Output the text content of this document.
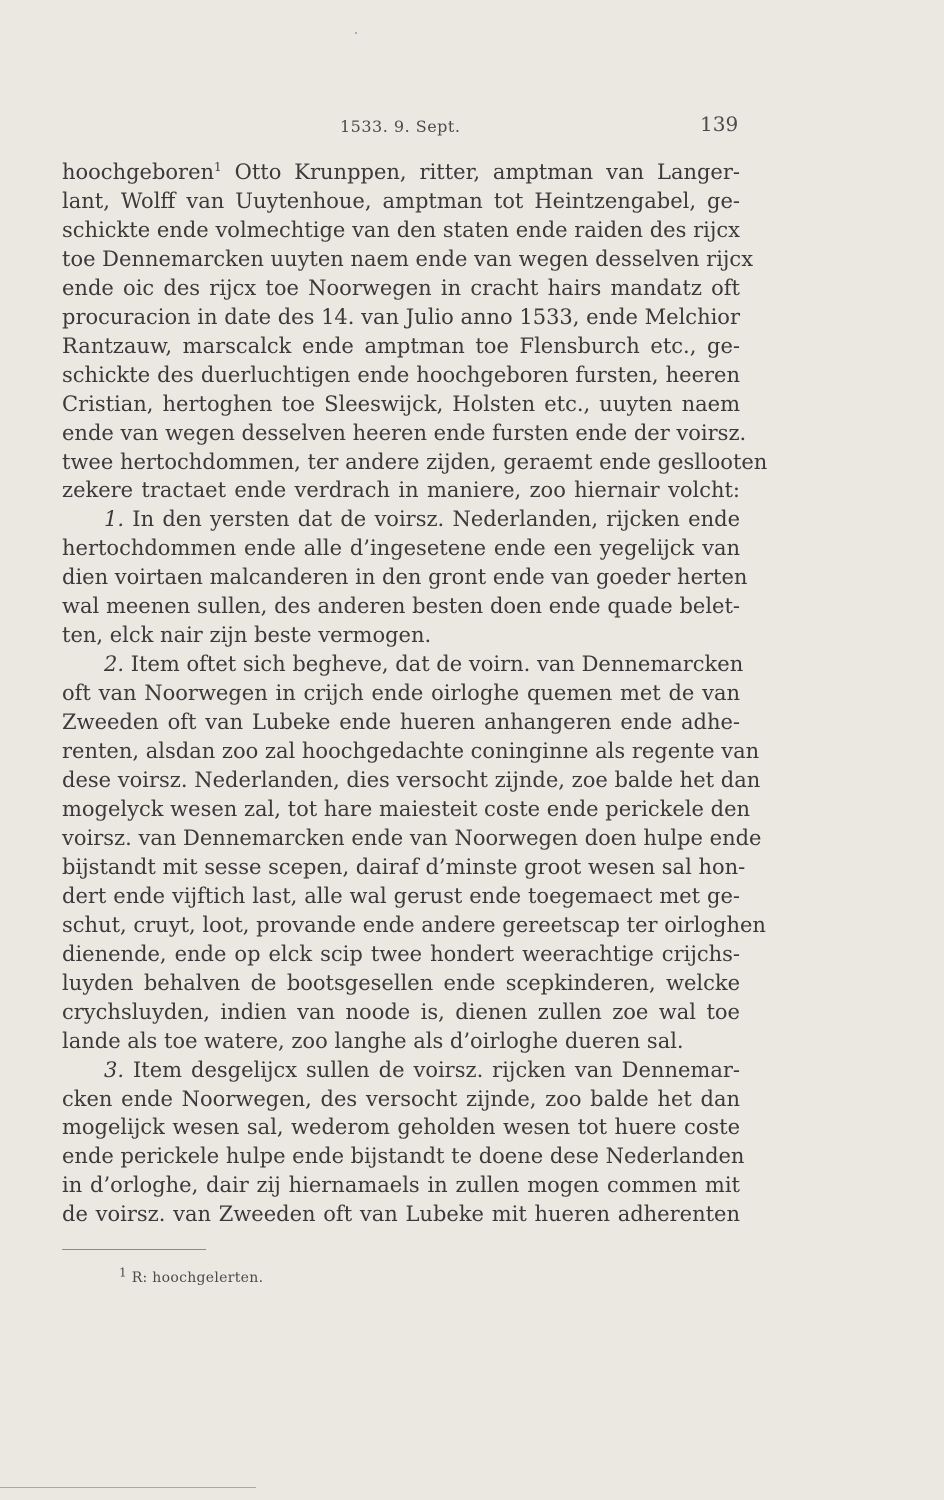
1533. 9. Sept.	139
hoochgeboren$^1$ Otto Krunppen, ritter, amptman van Langer-
lant, Wolff van Uuytenhoue, amptman tot Heintzengabel, ge-
schickte ende volmechtige van den staten ende raiden des rijcx
toe Dennemarcken uuyten naem ende van wegen desselven rijcx
ende oic des rijcx toe Noorwegen in cracht hairs mandatz oft
procuracion in date des 14. van Julio anno 1533, ende Melchior
Rantzauw, marscalck ende amptman toe Flensburch etc., ge-
schickte des duerluchtigen ende hoochgeboren fursten, heeren
Cristian, hertoghen toe Sleeswijck, Holsten etc., uuyten naem
ende van wegen desselven heeren ende fursten ende der voirsz.
twee hertochdommen, ter andere zijden, geraemt ende gesllooten
zekere tractaet ende verdrach in maniere, zoo hiernair volcht:
1. In den yersten dat de voirsz. Nederlanden, rijcken ende
hertochdommen ende alle d’ingesetene ende een yegelijck van
dien voirtaen malcanderen in den gront ende van goeder herten
wal meenen sullen, des anderen besten doen ende quade belet-
ten, elck nair zijn beste vermogen.
2. Item oftet sich begheve, dat de voirn. van Dennemarcken
oft van Noorwegen in crijch ende oirloghe quemen met de van
Zweeden oft van Lubeke ende hueren anhangeren ende adhe-
renten, alsdan zoo zal hoochgedachte coninginne als regente van
dese voirsz. Nederlanden, dies versocht zijnde, zoe balde het dan
mogelyck wesen zal, tot hare maiesteit coste ende perickele den
voirsz. van Dennemarcken ende van Noorwegen doen hulpe ende
bijstandt mit sesse scepen, dairaf d’minste groot wesen sal hon-
dert ende vijftich last, alle wal gerust ende toegemaect met ge-
schut, cruyt, loot, provande ende andere gereetscap ter oirloghen
dienende, ende op elck scip twee hondert weerachtige crijchs-
luyden behalven de bootsgesellen ende scepkinderen, welcke
crychsluyden, indien van noode is, dienen zullen zoe wal toe
lande als toe watere, zoo langhe als d’oirloghe dueren sal.
3. Item desgelijcx sullen de voirsz. rijcken van Dennemar-
cken ende Noorwegen, des versocht zijnde, zoo balde het dan
mogelijck wesen sal, wederom geholden wesen tot huere coste
ende perickele hulpe ende bijstandt te doene dese Nederlanden
in d’orloghe, dair zij hiernamaels in zullen mogen commen mit
de voirsz. van Zweeden oft van Lubeke mit hueren adherenten
$^1$ R: hoochgelerten.
